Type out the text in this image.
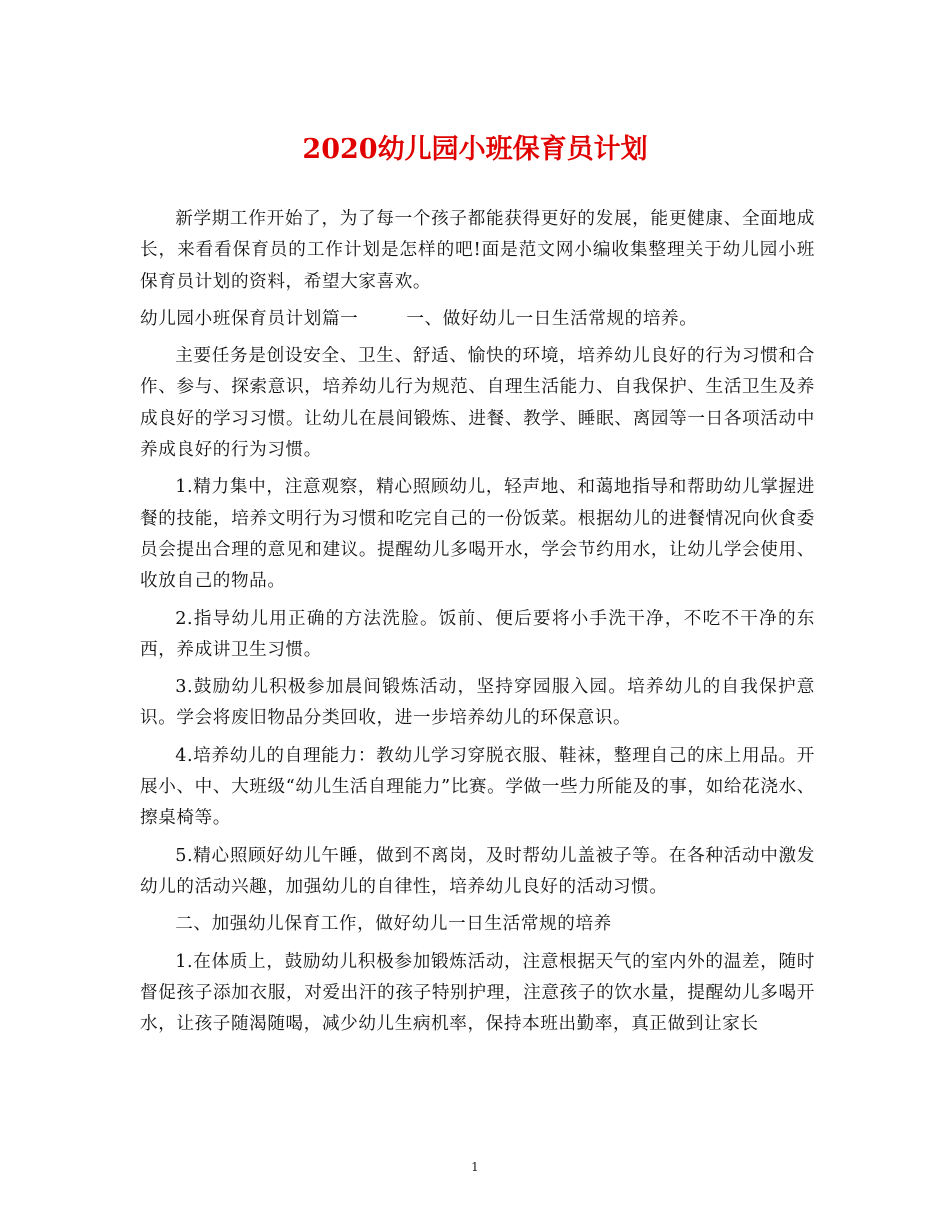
2020幼儿园小班保育员计划

新学期工作开始了，为了每一个孩子都能获得更好的发展，能更健康、全面地成长，来看看保育员的工作计划是怎样的吧!面是范文网小编收集整理关于幼儿园小班保育员计划的资料，希望大家喜欢。

幼儿园小班保育员计划篇一	一、做好幼儿一日生活常规的培养。

主要任务是创设安全、卫生、舒适、愉快的环境，培养幼儿良好的行为习惯和合作、参与、探索意识，培养幼儿行为规范、自理生活能力、自我保护、生活卫生及养成良好的学习习惯。让幼儿在晨间锻炼、进餐、教学、睡眠、离园等一日各项活动中养成良好的行为习惯。

1.精力集中，注意观察，精心照顾幼儿，轻声地、和蔼地指导和帮助幼儿掌握进餐的技能，培养文明行为习惯和吃完自己的一份饭菜。根据幼儿的进餐情况向伙食委员会提出合理的意见和建议。提醒幼儿多喝开水，学会节约用水，让幼儿学会使用、收放自己的物品。

2.指导幼儿用正确的方法洗脸。饭前、便后要将小手洗干净，不吃不干净的东西，养成讲卫生习惯。

3.鼓励幼儿积极参加晨间锻炼活动，坚持穿园服入园。培养幼儿的自我保护意识。学会将废旧物品分类回收，进一步培养幼儿的环保意识。

4.培养幼儿的自理能力：教幼儿学习穿脱衣服、鞋袜，整理自己的床上用品。开展小、中、大班级“幼儿生活自理能力”比赛。学做一些力所能及的事，如给花浇水、擦桌椅等。

5.精心照顾好幼儿午睡，做到不离岗，及时帮幼儿盖被子等。在各种活动中激发幼儿的活动兴趣，加强幼儿的自律性，培养幼儿良好的活动习惯。

二、加强幼儿保育工作，做好幼儿一日生活常规的培养

1.在体质上，鼓励幼儿积极参加锻炼活动，注意根据天气的室内外的温差，随时督促孩子添加衣服，对爱出汗的孩子特别护理，注意孩子的饮水量，提醒幼儿多喝开水，让孩子随渴随喝，减少幼儿生病机率，保持本班出勤率，真正做到让家长

1
